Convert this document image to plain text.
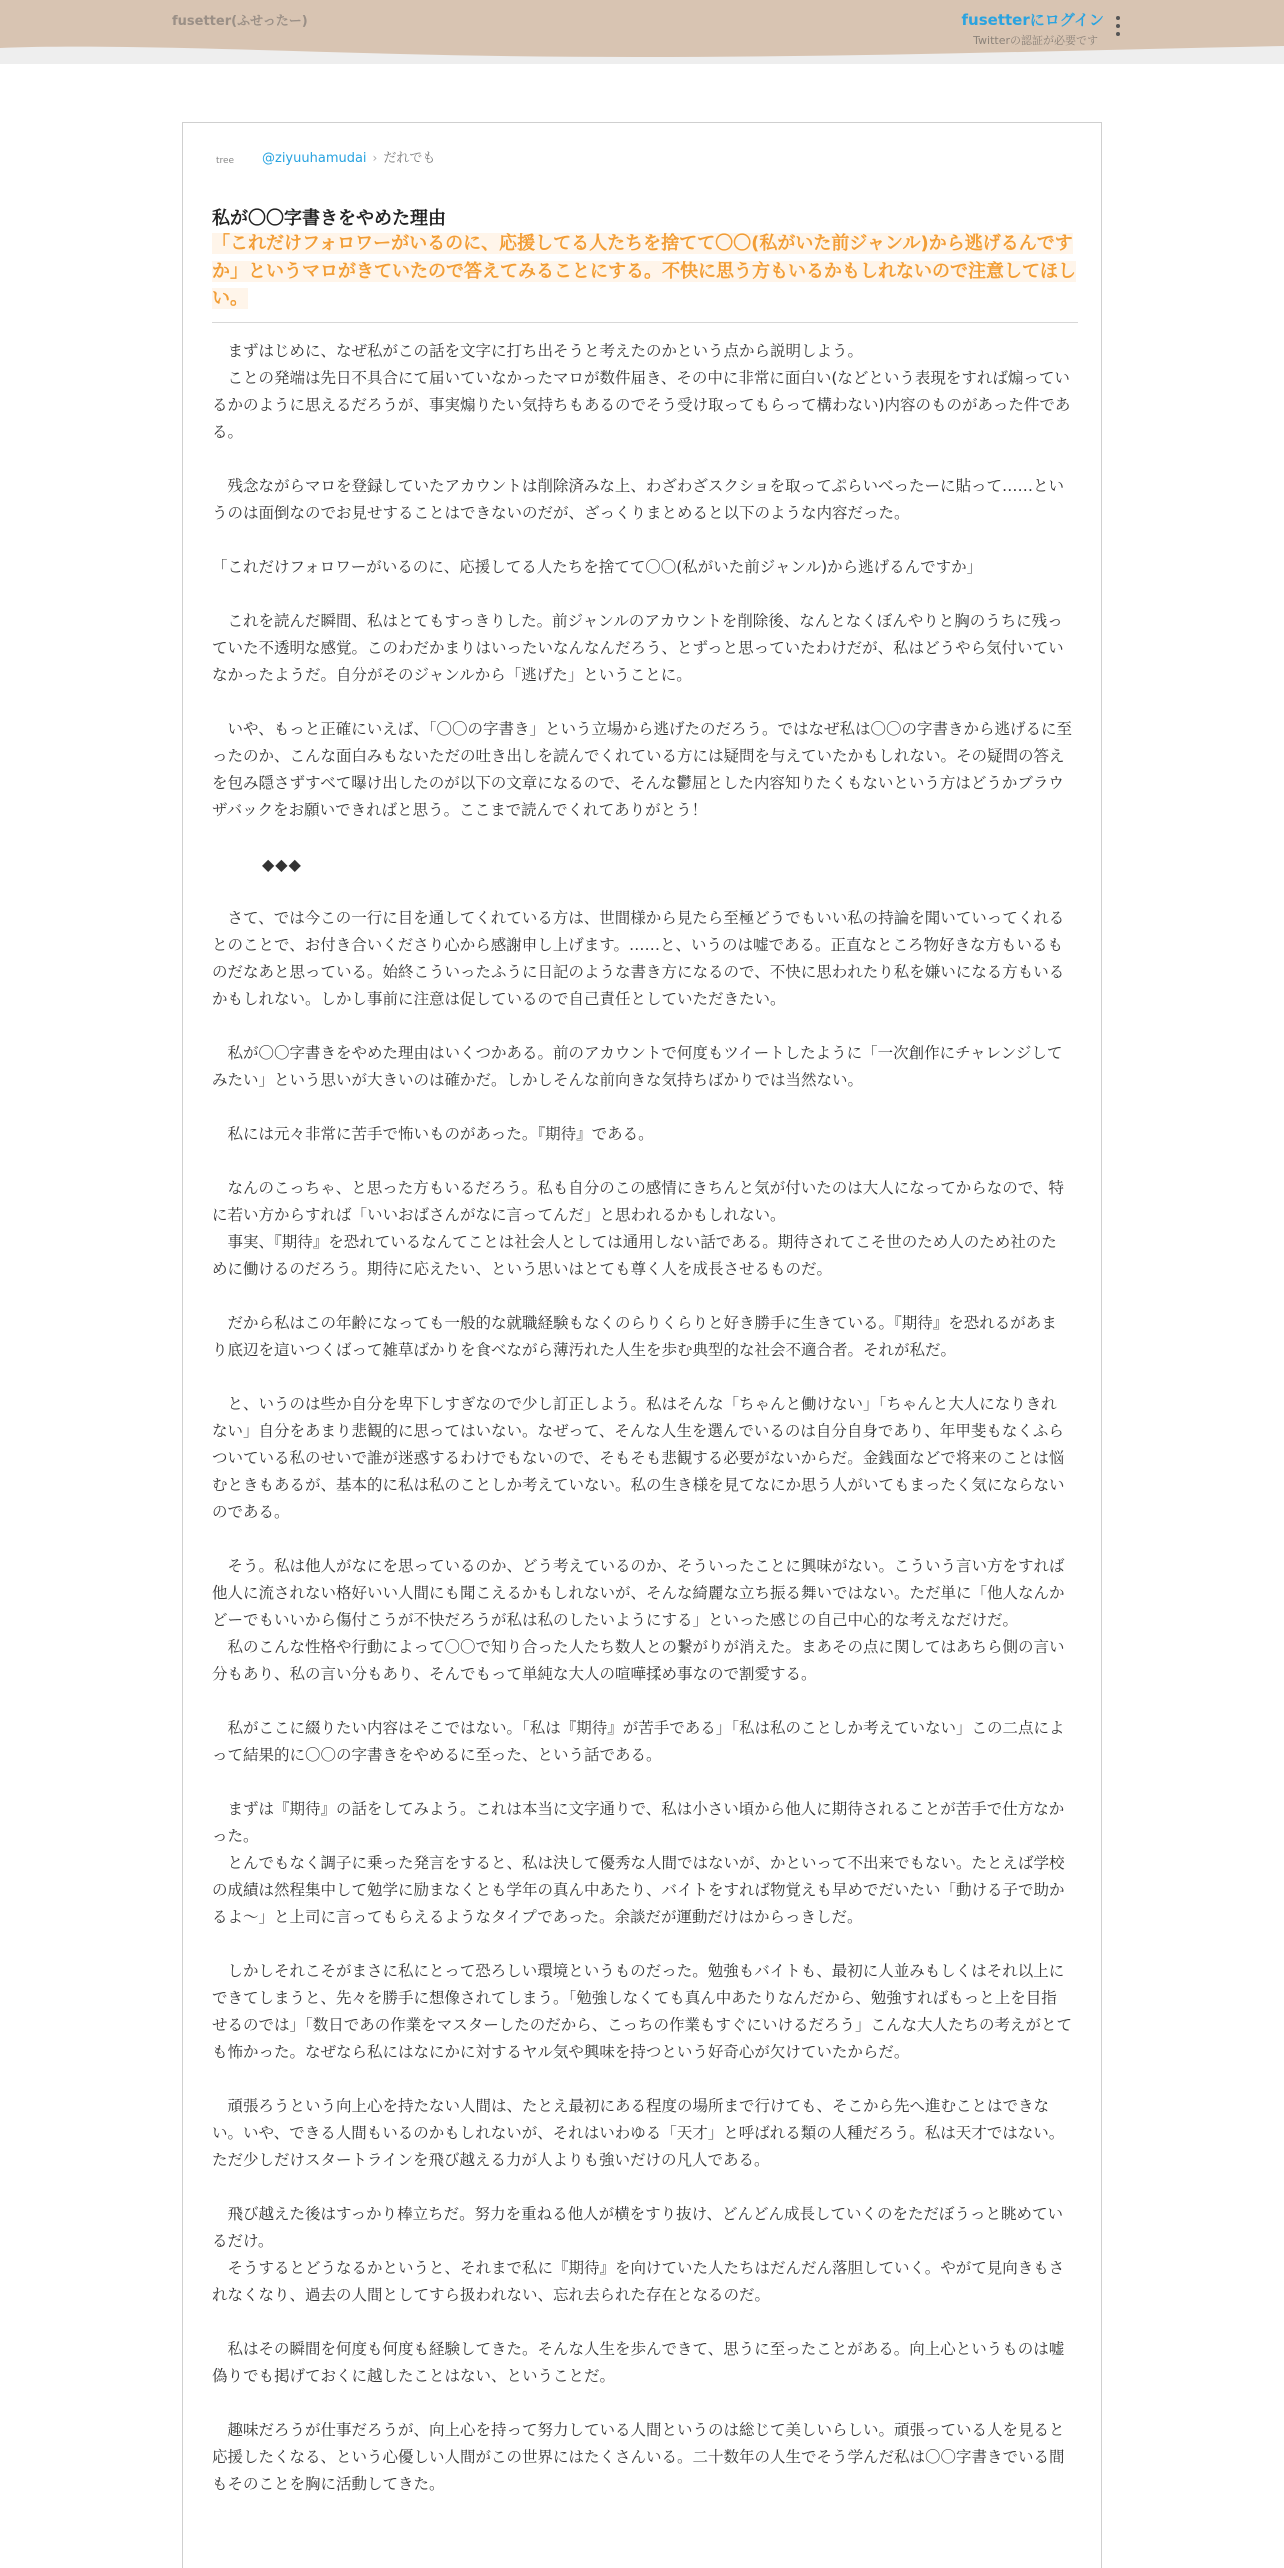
fusetter(ふせったー)	fusetterにログイン
Twitterの認証が必要です
tree @ziyuuhamudai › だれでも
私が〇〇字書きをやめた理由
「これだけフォロワーがいるのに、応援してる人たちを捨てて〇〇(私がいた前ジャンル)から逃げるんですか」というマロがきていたので答えてみることにする。不快に思う方もいるかもしれないので注意してほしい。

　まずはじめに、なぜ私がこの話を文字に打ち出そうと考えたのかという点から説明しよう。

　ことの発端は先日不具合にて届いていなかったマロが数件届き、その中に非常に面白い(などという表現をすれば煽っているかのように思えるだろうが、事実煽りたい気持ちもあるのでそう受け取ってもらって構わない)内容のものがあった件である。

　残念ながらマロを登録していたアカウントは削除済みな上、わざわざスクショを取ってぷらいべったーに貼って……というのは面倒なのでお見せすることはできないのだが、ざっくりまとめると以下のような内容だった。

「これだけフォロワーがいるのに、応援してる人たちを捨てて〇〇(私がいた前ジャンル)から逃げるんですか」

　これを読んだ瞬間、私はとてもすっきりした。前ジャンルのアカウントを削除後、なんとなくぼんやりと胸のうちに残っていた不透明な感覚。このわだかまりはいったいなんなんだろう、とずっと思っていたわけだが、私はどうやら気付いていなかったようだ。自分がそのジャンルから「逃げた」ということに。

　いや、もっと正確にいえば、「〇〇の字書き」という立場から逃げたのだろう。ではなぜ私は〇〇の字書きから逃げるに至ったのか、こんな面白みもないただの吐き出しを読んでくれている方には疑問を与えていたかもしれない。その疑問の答えを包み隠さずすべて曝け出したのが以下の文章になるので、そんな鬱屈とした内容知りたくもないという方はどうかブラウザバックをお願いできればと思う。ここまで読んでくれてありがとう！

◆◆◆

　さて、では今この一行に目を通してくれている方は、世間様から見たら至極どうでもいい私の持論を聞いていってくれるとのことで、お付き合いくださり心から感謝申し上げます。……と、いうのは嘘である。正直なところ物好きな方もいるものだなあと思っている。始終こういったふうに日記のような書き方になるので、不快に思われたり私を嫌いになる方もいるかもしれない。しかし事前に注意は促しているので自己責任としていただきたい。

　私が〇〇字書きをやめた理由はいくつかある。前のアカウントで何度もツイートしたように「一次創作にチャレンジしてみたい」という思いが大きいのは確かだ。しかしそんな前向きな気持ちばかりでは当然ない。

　私には元々非常に苦手で怖いものがあった。『期待』である。

　なんのこっちゃ、と思った方もいるだろう。私も自分のこの感情にきちんと気が付いたのは大人になってからなので、特に若い方からすれば「いいおばさんがなに言ってんだ」と思われるかもしれない。

　事実、『期待』を恐れているなんてことは社会人としては通用しない話である。期待されてこそ世のため人のため社のために働けるのだろう。期待に応えたい、という思いはとても尊く人を成長させるものだ。

　だから私はこの年齢になっても一般的な就職経験もなくのらりくらりと好き勝手に生きている。『期待』を恐れるがあまり底辺を這いつくばって雑草ばかりを食べながら薄汚れた人生を歩む典型的な社会不適合者。それが私だ。

　と、いうのは些か自分を卑下しすぎなので少し訂正しよう。私はそんな「ちゃんと働けない」「ちゃんと大人になりきれない」自分をあまり悲観的に思ってはいない。なぜって、そんな人生を選んでいるのは自分自身であり、年甲斐もなくふらついている私のせいで誰が迷惑するわけでもないので、そもそも悲観する必要がないからだ。金銭面などで将来のことは悩むときもあるが、基本的に私は私のことしか考えていない。私の生き様を見てなにか思う人がいてもまったく気にならないのである。

　そう。私は他人がなにを思っているのか、どう考えているのか、そういったことに興味がない。こういう言い方をすれば他人に流されない格好いい人間にも聞こえるかもしれないが、そんな綺麗な立ち振る舞いではない。ただ単に「他人なんかどーでもいいから傷付こうが不快だろうが私は私のしたいようにする」といった感じの自己中心的な考えなだけだ。

　私のこんな性格や行動によって〇〇で知り合った人たち数人との繋がりが消えた。まあその点に関してはあちら側の言い分もあり、私の言い分もあり、そんでもって単純な大人の喧嘩揉め事なので割愛する。

　私がここに綴りたい内容はそこではない。「私は『期待』が苦手である」「私は私のことしか考えていない」この二点によって結果的に〇〇の字書きをやめるに至った、という話である。

　まずは『期待』の話をしてみよう。これは本当に文字通りで、私は小さい頃から他人に期待されることが苦手で仕方なかった。

　とんでもなく調子に乗った発言をすると、私は決して優秀な人間ではないが、かといって不出来でもない。たとえば学校の成績は然程集中して勉学に励まなくとも学年の真ん中あたり、バイトをすれば物覚えも早めでだいたい「動ける子で助かるよ〜」と上司に言ってもらえるようなタイプであった。余談だが運動だけはからっきしだ。

　しかしそれこそがまさに私にとって恐ろしい環境というものだった。勉強もバイトも、最初に人並みもしくはそれ以上にできてしまうと、先々を勝手に想像されてしまう。「勉強しなくても真ん中あたりなんだから、勉強すればもっと上を目指せるのでは」「数日であの作業をマスターしたのだから、こっちの作業もすぐにいけるだろう」こんな大人たちの考えがとても怖かった。なぜなら私にはなにかに対するヤル気や興味を持つという好奇心が欠けていたからだ。

　頑張ろうという向上心を持たない人間は、たとえ最初にある程度の場所まで行けても、そこから先へ進むことはできない。いや、できる人間もいるのかもしれないが、それはいわゆる「天才」と呼ばれる類の人種だろう。私は天才ではない。ただ少しだけスタートラインを飛び越える力が人よりも強いだけの凡人である。

　飛び越えた後はすっかり棒立ちだ。努力を重ねる他人が横をすり抜け、どんどん成長していくのをただぼうっと眺めているだけ。

　そうするとどうなるかというと、それまで私に『期待』を向けていた人たちはだんだん落胆していく。やがて見向きもされなくなり、過去の人間としてすら扱われない、忘れ去られた存在となるのだ。

　私はその瞬間を何度も何度も経験してきた。そんな人生を歩んできて、思うに至ったことがある。向上心というものは嘘偽りでも掲げておくに越したことはない、ということだ。

　趣味だろうが仕事だろうが、向上心を持って努力している人間というのは総じて美しいらしい。頑張っている人を見ると応援したくなる、という心優しい人間がこの世界にはたくさんいる。二十数年の人生でそう学んだ私は〇〇字書きでいる間もそのことを胸に活動してきた。
